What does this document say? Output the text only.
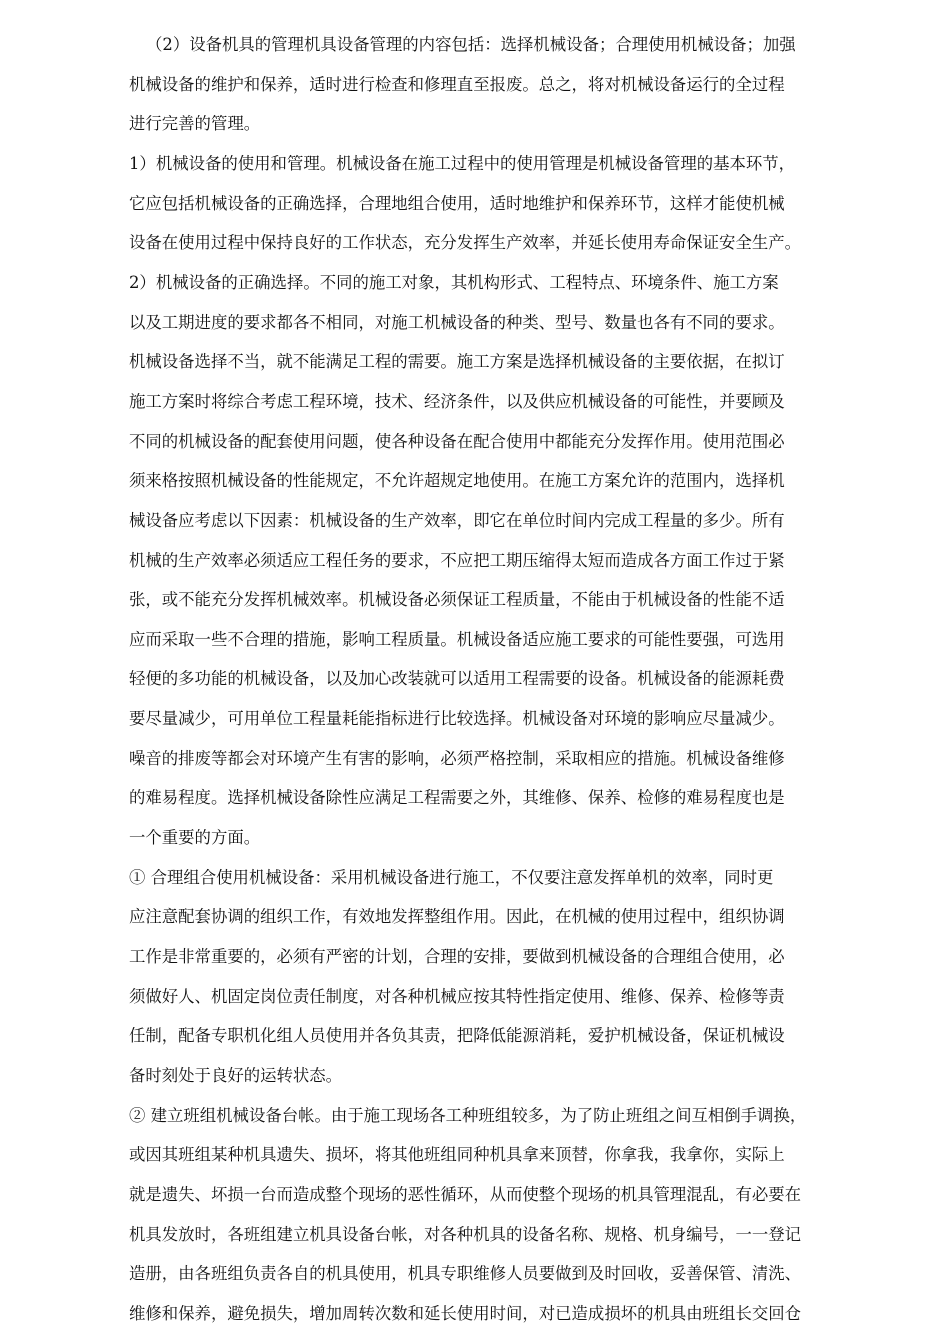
（2）设备机具的管理机具设备管理的内容包括：选择机械设备；合理使用机械设备；加强
机械设备的维护和保养，适时进行检查和修理直至报废。总之，将对机械设备运行的全过程
进行完善的管理。
1）机械设备的使用和管理。机械设备在施工过程中的使用管理是机械设备管理的基本环节，
它应包括机械设备的正确选择，合理地组合使用，适时地维护和保养环节，这样才能使机械
设备在使用过程中保持良好的工作状态，充分发挥生产效率，并延长使用寿命保证安全生产。
2）机械设备的正确选择。不同的施工对象，其机构形式、工程特点、环境条件、施工方案
以及工期进度的要求都各不相同，对施工机械设备的种类、型号、数量也各有不同的要求。
机械设备选择不当，就不能满足工程的需要。施工方案是选择机械设备的主要依据，在拟订
施工方案时将综合考虑工程环境，技术、经济条件，以及供应机械设备的可能性，并要顾及
不同的机械设备的配套使用问题，使各种设备在配合使用中都能充分发挥作用。使用范围必
须来格按照机械设备的性能规定，不允许超规定地使用。在施工方案允许的范围内，选择机
械设备应考虑以下因素：机械设备的生产效率，即它在单位时间内完成工程量的多少。所有
机械的生产效率必须适应工程任务的要求，不应把工期压缩得太短而造成各方面工作过于紧
张，或不能充分发挥机械效率。机械设备必须保证工程质量，不能由于机械设备的性能不适
应而采取一些不合理的措施，影响工程质量。机械设备适应施工要求的可能性要强，可选用
轻便的多功能的机械设备，以及加心改装就可以适用工程需要的设备。机械设备的能源耗费
要尽量减少，可用单位工程量耗能指标进行比较选择。机械设备对环境的影响应尽量减少。
噪音的排废等都会对环境产生有害的影响，必须严格控制，采取相应的措施。机械设备维修
的难易程度。选择机械设备除性应满足工程需要之外，其维修、保养、检修的难易程度也是
一个重要的方面。
① 合理组合使用机械设备：采用机械设备进行施工，不仅要注意发挥单机的效率，同时更
应注意配套协调的组织工作，有效地发挥整组作用。因此，在机械的使用过程中，组织协调
工作是非常重要的，必须有严密的计划，合理的安排，要做到机械设备的合理组合使用，必
须做好人、机固定岗位责任制度，对各种机械应按其特性指定使用、维修、保养、检修等责
任制，配备专职机化组人员使用并各负其责，把降低能源消耗，爱护机械设备，保证机械设
备时刻处于良好的运转状态。
② 建立班组机械设备台帐。由于施工现场各工种班组较多，为了防止班组之间互相倒手调换，
或因其班组某种机具遗失、损坏，将其他班组同种机具拿来顶替，你拿我，我拿你，实际上
就是遗失、坏损一台而造成整个现场的恶性循环，从而使整个现场的机具管理混乱，有必要在
机具发放时，各班组建立机具设备台帐，对各种机具的设备名称、规格、机身编号，一一登记
造册，由各班组负责各自的机具使用，机具专职维修人员要做到及时回收，妥善保管、清洗、
维修和保养，避免损失，增加周转次数和延长使用时间，对已造成损坏的机具由班组长交回仓
